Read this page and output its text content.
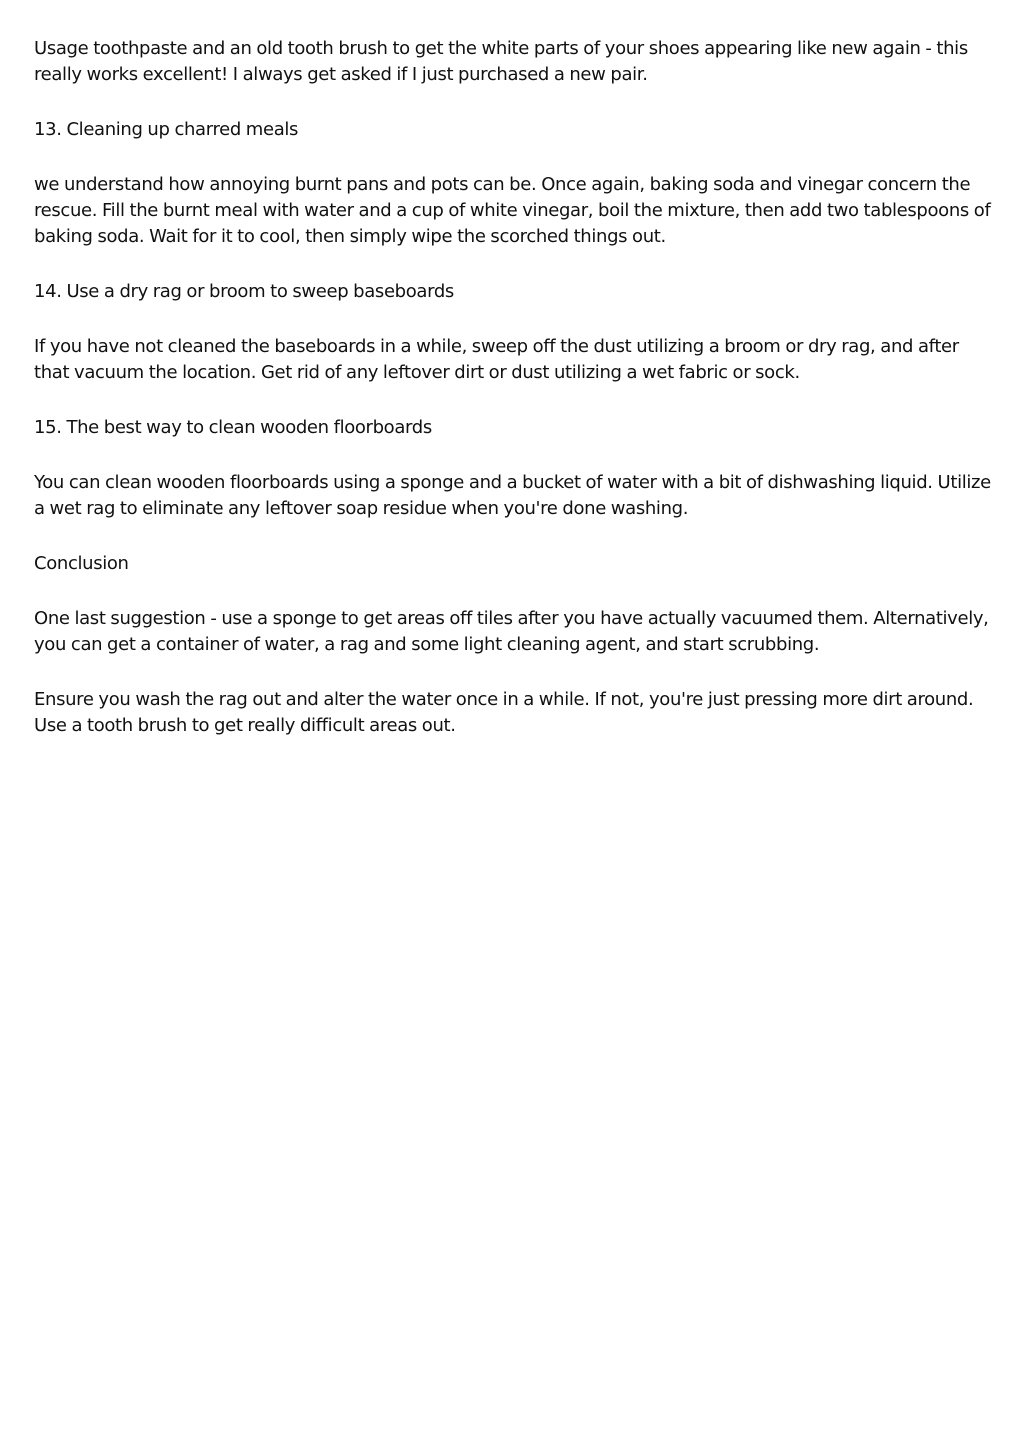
Usage toothpaste and an old tooth brush to get the white parts of your shoes appearing like new again - this really works excellent! I always get asked if I just purchased a new pair.

13. Cleaning up charred meals

we understand how annoying burnt pans and pots can be. Once again, baking soda and vinegar concern the rescue. Fill the burnt meal with water and a cup of white vinegar, boil the mixture, then add two tablespoons of baking soda. Wait for it to cool, then simply wipe the scorched things out.

14. Use a dry rag or broom to sweep baseboards

If you have not cleaned the baseboards in a while, sweep off the dust utilizing a broom or dry rag, and after that vacuum the location. Get rid of any leftover dirt or dust utilizing a wet fabric or sock.

15. The best way to clean wooden floorboards

You can clean wooden floorboards using a sponge and a bucket of water with a bit of dishwashing liquid. Utilize a wet rag to eliminate any leftover soap residue when you're done washing.

Conclusion

One last suggestion - use a sponge to get areas off tiles after you have actually vacuumed them. Alternatively, you can get a container of water, a rag and some light cleaning agent, and start scrubbing.

Ensure you wash the rag out and alter the water once in a while. If not, you're just pressing more dirt around. Use a tooth brush to get really difficult areas out.
